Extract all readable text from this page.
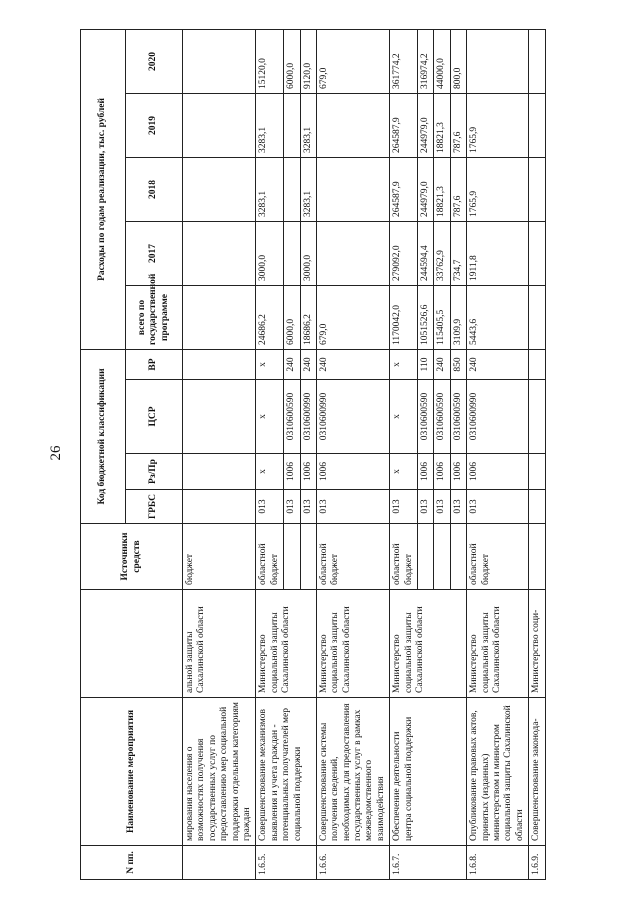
26
N пп.	Наименование мероприятия		Источники средств	Код бюджетной классификации				Расходы по годам реализации, тыс. рублей				
				ГРБС	Рз/Пр	ЦСР	ВР	всего по государственной программе	2017	2018	2019	2020
	мирования населения о возможностях получения государственных услуг по предоставлению мер социальной поддержки отдельным категориям граждан	альной защиты Сахалинской области	бюджет									
1.6.5.	Совершенствование механизмов выявления и учета граждан - потенциальных получателей мер социальной поддержки	Министерство социальной защиты Сахалинской области	областной бюджет	013	х	х	х	24686,2	3000,0	3283,1	3283,1	15120,0
				013	1006	0310600590	240	6000,0				6000,0
				013	1006	0310600990	240	18686,2	3000,0	3283,1	3283,1	9120,0
1.6.6.	Совершенствование системы получения сведений, необходимых для предоставления государственных услуг в рамках межведомственного взаимодействия	Министерство социальной защиты Сахалинской области	областной бюджет	013	1006	0310600990	240	679,0				679,0
1.6.7.	Обеспечение деятельности центра социальной поддержки	Министерство социальной защиты Сахалинской области	областной бюджет	013	х	х	х	1170042,0	279092,0	264587,9	264587,9	361774,2
				013	1006	0310600590	110	1051526,6	244594,4	244979,0	244979,0	316974,2
				013	1006	0310600590	240	115405,5	33762,9	18821,3	18821,3	44000,0
				013	1006	0310600590	850	3109,9	734,7	787,6	787,6	800,0
1.6.8.	Опубликование правовых актов, принятых (изданных) министерством и министром социальной защиты Сахалинской области	Министерство социальной защиты Сахалинской области	областной бюджет	013	1006	0310600990	240	5443,6	1911,8	1765,9	1765,9	
1.6.9.	Совершенствование законода-	Министерство соци-										
